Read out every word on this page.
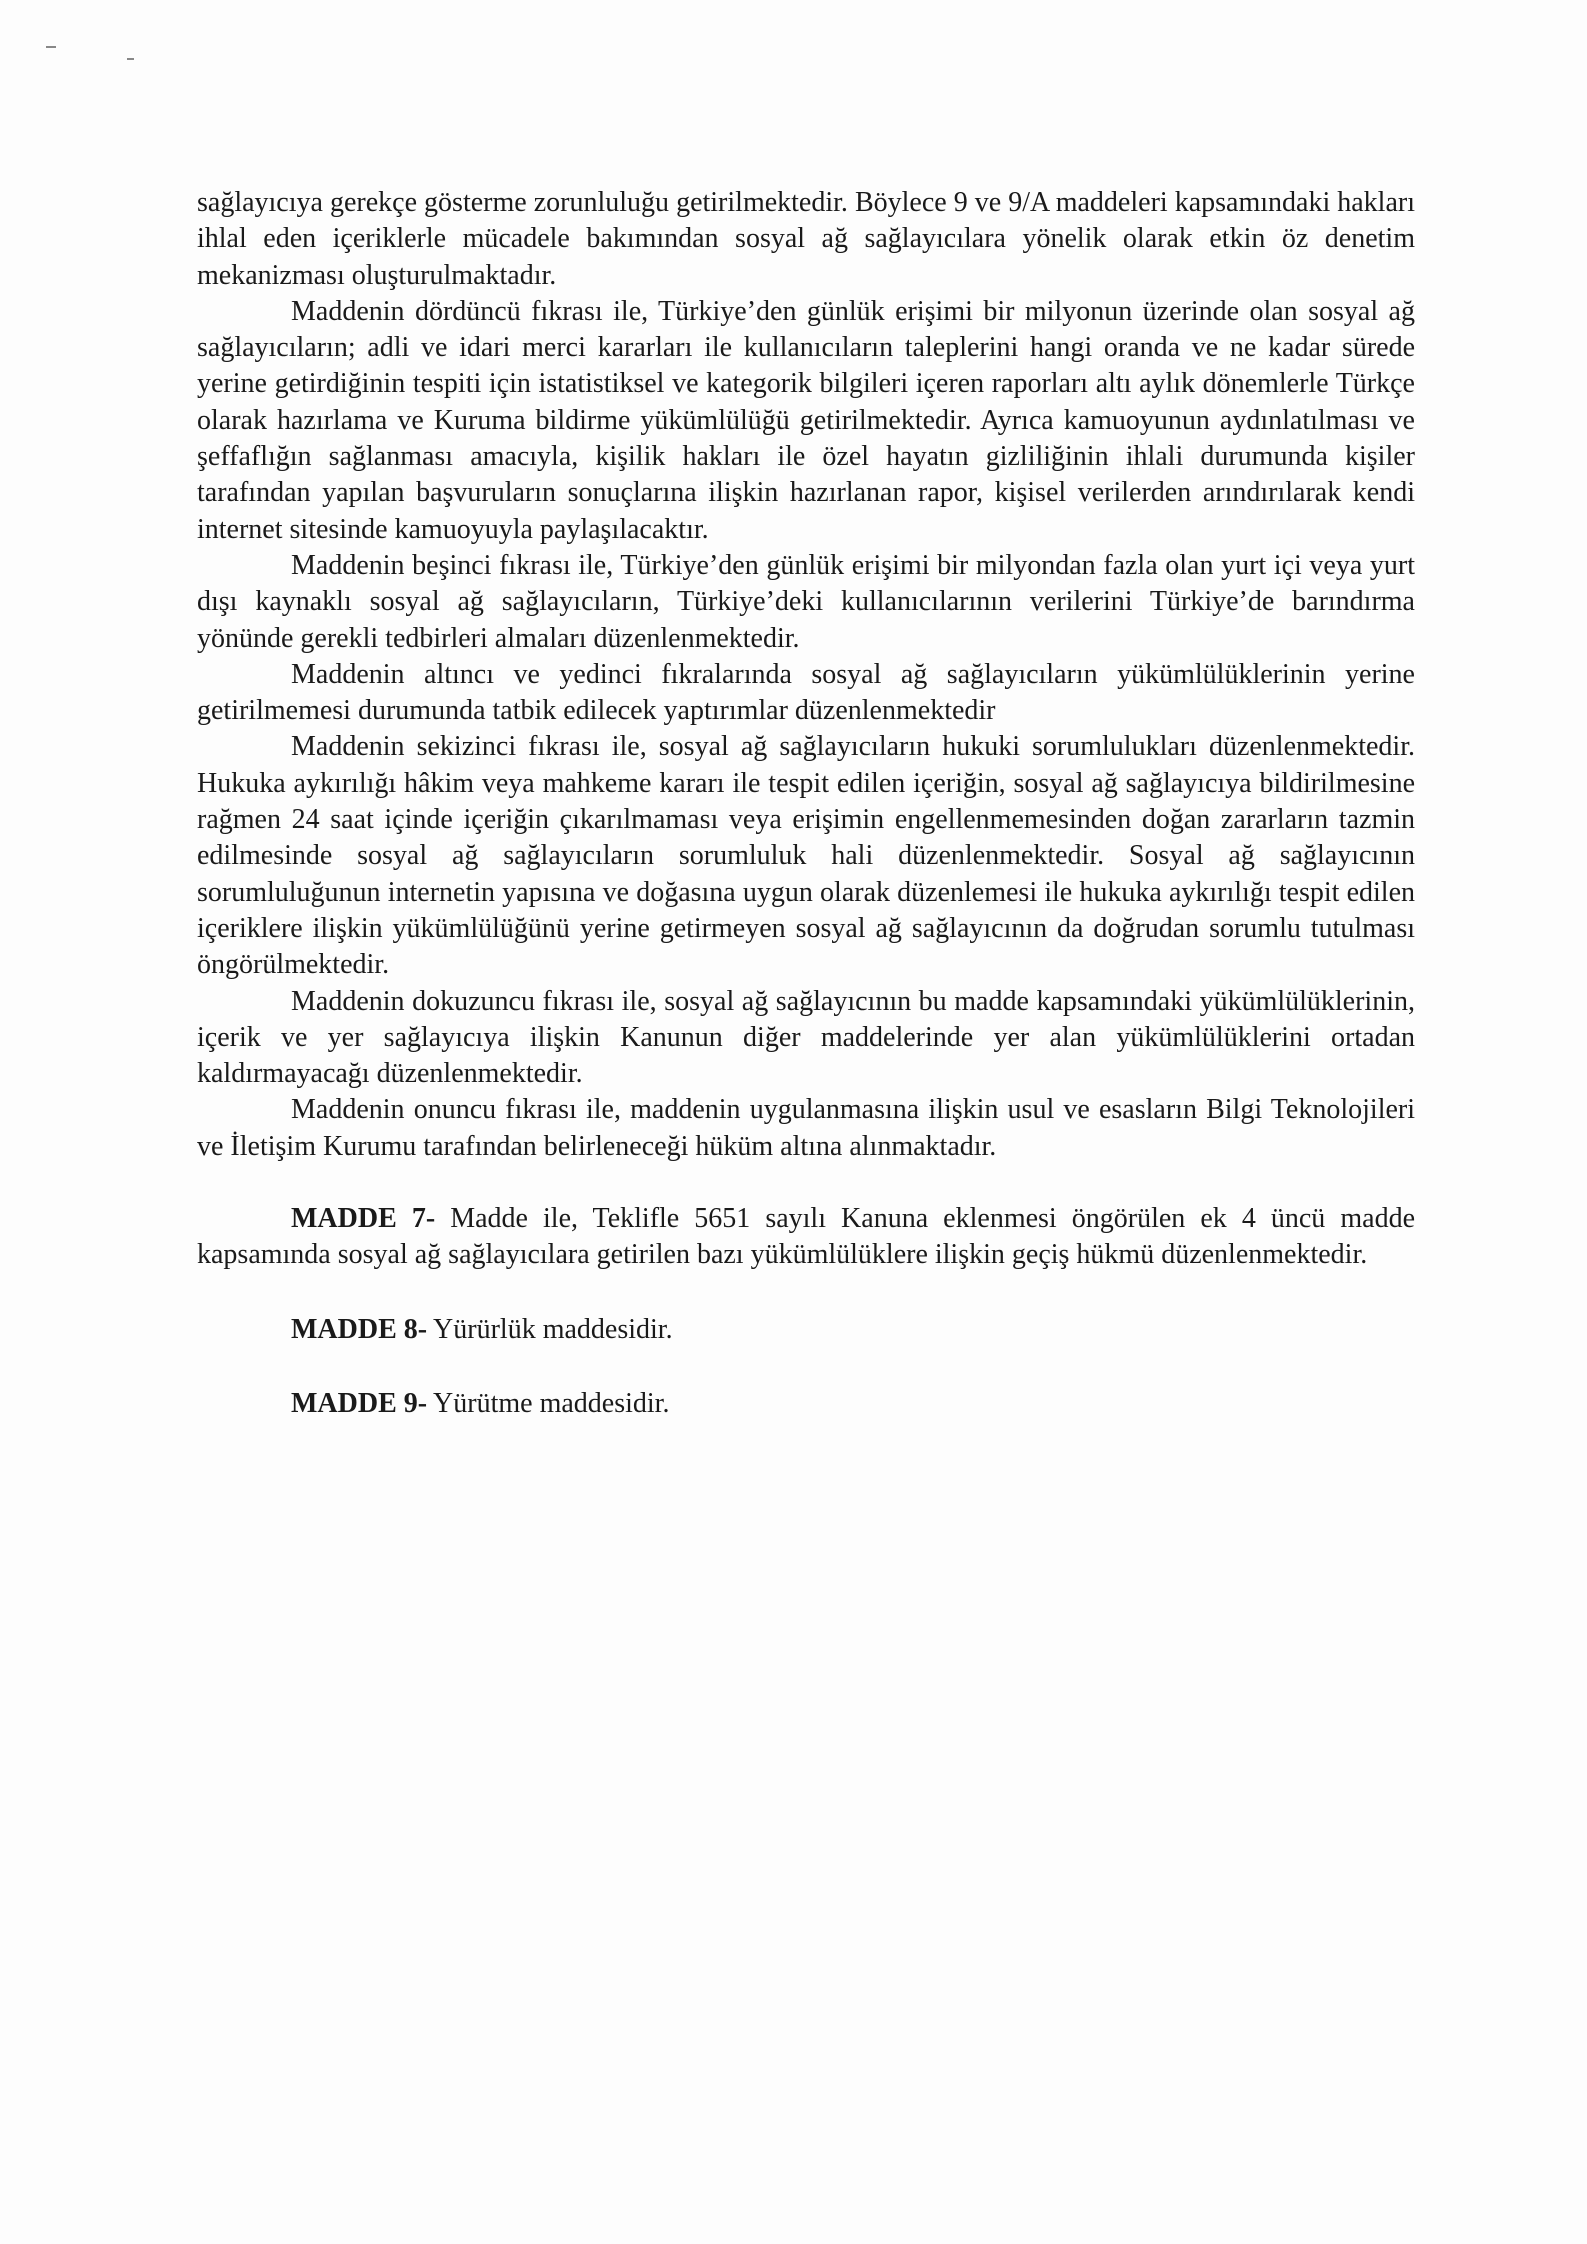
sağlayıcıya gerekçe gösterme zorunluluğu getirilmektedir. Böylece 9 ve 9/A maddeleri kapsamındaki hakları ihlal eden içeriklerle mücadele bakımından sosyal ağ sağlayıcılara yönelik olarak etkin öz denetim mekanizması oluşturulmaktadır.

Maddenin dördüncü fıkrası ile, Türkiye’den günlük erişimi bir milyonun üzerinde olan sosyal ağ sağlayıcıların; adli ve idari merci kararları ile kullanıcıların taleplerini hangi oranda ve ne kadar sürede yerine getirdiğinin tespiti için istatistiksel ve kategorik bilgileri içeren raporları altı aylık dönemlerle Türkçe olarak hazırlama ve Kuruma bildirme yükümlülüğü getirilmektedir. Ayrıca kamuoyunun aydınlatılması ve şeffaflığın sağlanması amacıyla, kişilik hakları ile özel hayatın gizliliğinin ihlali durumunda kişiler tarafından yapılan başvuruların sonuçlarına ilişkin hazırlanan rapor, kişisel verilerden arındırılarak kendi internet sitesinde kamuoyuyla paylaşılacaktır.

Maddenin beşinci fıkrası ile, Türkiye’den günlük erişimi bir milyondan fazla olan yurt içi veya yurt dışı kaynaklı sosyal ağ sağlayıcıların, Türkiye’deki kullanıcılarının verilerini Türkiye’de barındırma yönünde gerekli tedbirleri almaları düzenlenmektedir.

Maddenin altıncı ve yedinci fıkralarında sosyal ağ sağlayıcıların yükümlülüklerinin yerine getirilmemesi durumunda tatbik edilecek yaptırımlar düzenlenmektedir

Maddenin sekizinci fıkrası ile, sosyal ağ sağlayıcıların hukuki sorumlulukları düzenlenmektedir. Hukuka aykırılığı hâkim veya mahkeme kararı ile tespit edilen içeriğin, sosyal ağ sağlayıcıya bildirilmesine rağmen 24 saat içinde içeriğin çıkarılmaması veya erişimin engellenmemesinden doğan zararların tazmin edilmesinde sosyal ağ sağlayıcıların sorumluluk hali düzenlenmektedir. Sosyal ağ sağlayıcının sorumluluğunun internetin yapısına ve doğasına uygun olarak düzenlemesi ile hukuka aykırılığı tespit edilen içeriklere ilişkin yükümlülüğünü yerine getirmeyen sosyal ağ sağlayıcının da doğrudan sorumlu tutulması öngörülmektedir.

Maddenin dokuzuncu fıkrası ile, sosyal ağ sağlayıcının bu madde kapsamındaki yükümlülüklerinin, içerik ve yer sağlayıcıya ilişkin Kanunun diğer maddelerinde yer alan yükümlülüklerini ortadan kaldırmayacağı düzenlenmektedir.

Maddenin onuncu fıkrası ile, maddenin uygulanmasına ilişkin usul ve esasların Bilgi Teknolojileri ve İletişim Kurumu tarafından belirleneceği hüküm altına alınmaktadır.

MADDE 7- Madde ile, Teklifle 5651 sayılı Kanuna eklenmesi öngörülen ek 4 üncü madde kapsamında sosyal ağ sağlayıcılara getirilen bazı yükümlülüklere ilişkin geçiş hükmü düzenlenmektedir.

MADDE 8- Yürürlük maddesidir.

MADDE 9- Yürütme maddesidir.
